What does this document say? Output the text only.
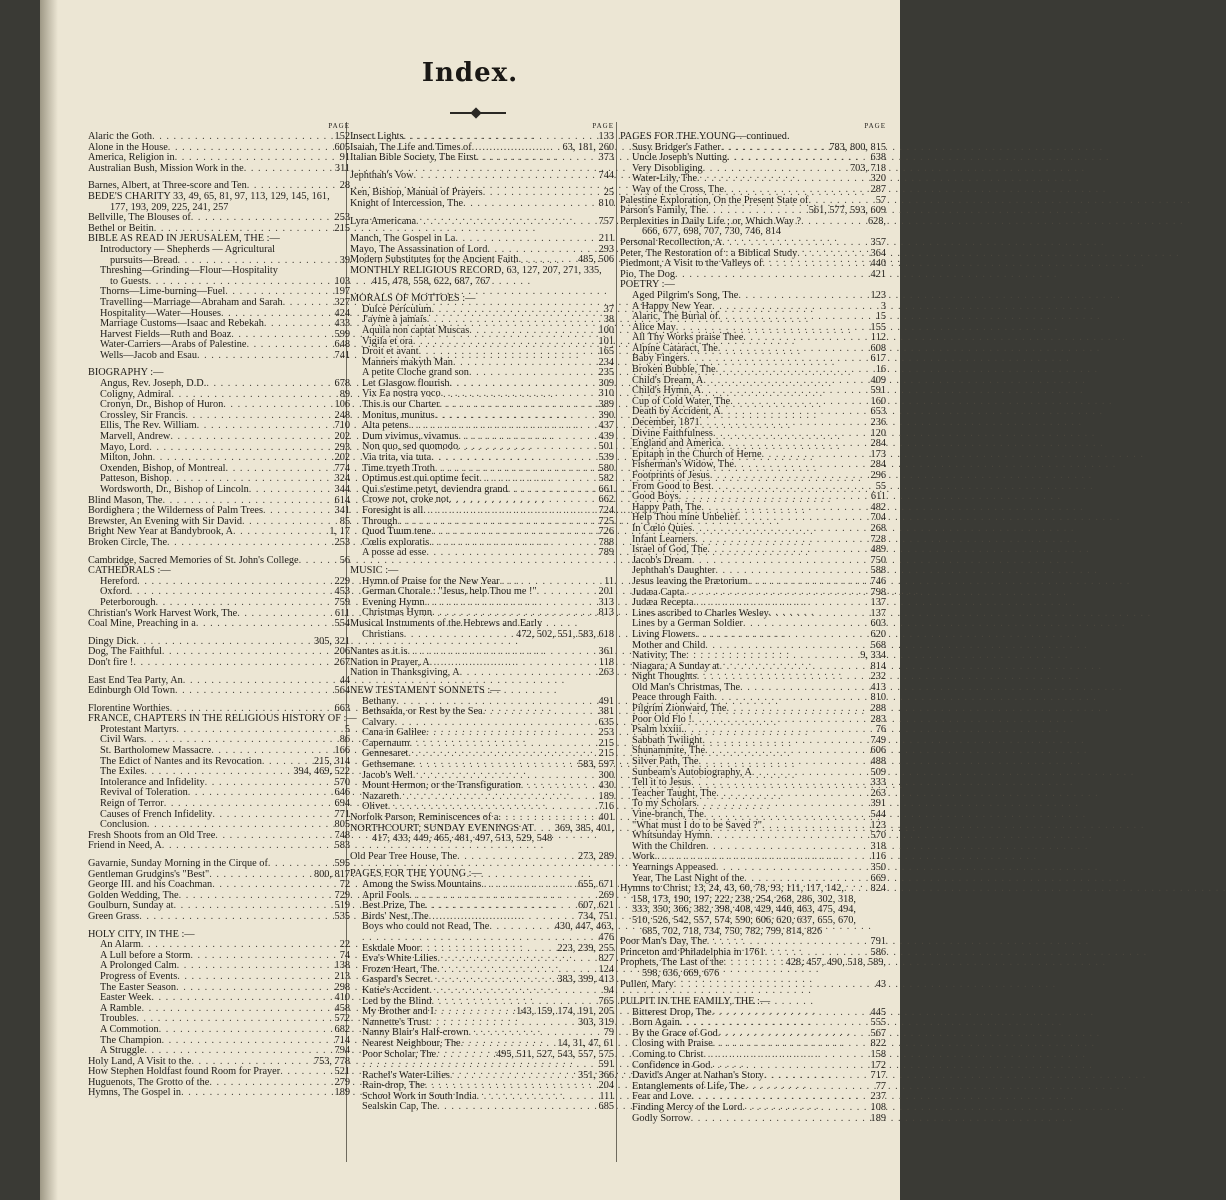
Index.
PAGE
Alaric the Goth . . .	152
Alone in the House . . .	605
America, Religion in . . .	91
Australian Bush, Mission Work in the . . .	311
Barnes, Albert, at Three-score and Ten . . .	28
BEDE'S CHARITY 33, 49, 65, 81, 97, 113, 129, 145, 161,
177, 193, 209, 225, 241, 257
Bellville, The Blouses of . . .	253
Bethel or Beitin . . .	215
BIBLE AS READ IN JERUSALEM, THE :—
Introductory — Shepherds — Agricultural
pursuits—Bread . . .	39
Threshing—Grinding—Flour—Hospitality
to Guests . . .	103
Thorns—Lime-burning—Fuel . . .	197
Travelling—Marriage—Abraham and Sarah . . .	327
Hospitality—Water—Houses . . .	424
Marriage Customs—Isaac and Rebekah . . .	433
Harvest Fields—Ruth and Boaz . . .	599
Water-Carriers—Arabs of Palestine . . .	648
Wells—Jacob and Esau . . .	741
BIOGRAPHY :—
Angus, Rev. Joseph, D.D. . . .	678
Coligny, Admiral . . .	89
Cronyn, Dr., Bishop of Huron . . .	106
Crossley, Sir Francis . . .	248
Ellis, The Rev. William . . .	710
Marvell, Andrew . . .	202
Mayo, Lord . . .	293
Milton, John . . .	202
Oxenden, Bishop, of Montreal . . .	774
Patteson, Bishop . . .	324
Wordsworth, Dr., Bishop of Lincoln . . .	344
Blind Mason, The . . .	614
Bordighera ; the Wilderness of Palm Trees . . .	341
Brewster, An Evening with Sir David . . .	85
Bright New Year at Bandybrook, A . . .	1, 17
Broken Circle, The . . .	253
Cambridge, Sacred Memories of St. John's College . . .	56
CATHEDRALS :—
Hereford . . .	229
Oxford . . .	453
Peterborough . . .	759
Christian's Work Harvest Work, The . . .	611
Coal Mine, Preaching in a . . .	554
Dingy Dick . . .	305, 321
Dog, The Faithful . . .	206
Don't fire ! . . .	267
East End Tea Party, An . . .	44
Edinburgh Old Town . . .	564
Florentine Worthies . . .	663
FRANCE, CHAPTERS IN THE RELIGIOUS HISTORY OF :—
Protestant Martyrs . . .	5
Civil Wars . . .	86
St. Bartholomew Massacre . . .	166
The Edict of Nantes and its Revocation . . .	215, 314
The Exiles . . .	394, 469, 522
Intolerance and Infidelity . . .	570
Revival of Toleration . . .	646
Reign of Terror . . .	694
Causes of French Infidelity . . .	771
Conclusion . . .	805
Fresh Shoots from an Old Tree . . .	748
Friend in Need, A . . .	583
Gavarnie, Sunday Morning in the Cirque of . . .	595
Gentleman Grudgins's "Best" . . .	800, 817
George III. and his Coachman . . .	72
Golden Wedding, The . . .	729
Goulburn, Sunday at . . .	519
Green Grass . . .	535
HOLY CITY, IN THE :—
An Alarm . . .	22
A Lull before a Storm . . .	74
A Prolonged Calm . . .	138
Progress of Events . . .	213
The Easter Season . . .	298
Easter Week . . .	410
A Ramble . . .	458
Troubles . . .	572
A Commotion . . .	682
The Champion . . .	714
A Struggle . . .	794
Holy Land, A Visit to the . . .	753, 778
How Stephen Holdfast found Room for Prayer . . .	521
Huguenots, The Grotto of the . . .	279
Hymns, The Gospel in . . .	189
PAGE
Insect Lights . . .	133
Isaiah, The Life and Times of . . .	63, 181, 260
Italian Bible Society, The First . . .	373
Jephthah's Vow . . .	744
Ken, Bishop, Manual of Prayers . . .	25
Knight of Intercession, The . . .	810
Lyra Americana . . .	757
Manch, The Gospel in La . . .	211
Mayo, The Assassination of Lord . . .	293
Modern Substitutes for the Ancient Faith . . .	485, 506
MONTHLY RELIGIOUS RECORD, 63, 127, 207, 271, 335,
415, 478, 558, 622, 687, 767
MORALS OF MOTTOES :—
Dulce Periculum . . .	37
J'ayme à jamais . . .	38
Aquila non captat Muscas . . .	100
Vigila et ora . . .	101
Droit et avant . . .	165
Manners makyth Man . . .	234
A petite Cloche grand son . . .	235
Let Glasgow flourish . . .	309
Vix Ea nostra voco . . .	310
This is our Charter . . .	389
Monitus, munitus . . .	390
Alta petens . . .	437
Dum vivimus, vivamus . . .	439
Non quo, sed quomodo . . .	501
Via trita, via tuta . . .	539
Time tryeth Troth . . .	580
Optimus est qui optime fecit . . .	582
Qui s'estime petyt, deviendra grand . . .	661
Crowe not, croke not . . .	662
Foresight is all . . .	724
Through . . .	725
Quod Tuum tene . . .	726
Cœlis exploratis . . .	788
A posse ad esse . . .	789
MUSIC :—
Hymn of Praise for the New Year . . .	11
German Chorale : "Jesus, help Thou me !" . . .	201
Evening Hymn . . .	313
Christmas Hymn . . .	813
Musical Instruments of the Hebrews and Early
Christians . . .	472, 502, 551, 583, 618
Nantes as it is . . .	361
Nation in Prayer, A . . .	118
Nation in Thanksgiving, A . . .	263
NEW TESTAMENT SONNETS :—
Bethany . . .	491
Bethsaida, or Rest by the Sea . . .	381
Calvary . . .	635
Cana in Galilee . . .	253
Capernaum . . .	215
Gennesaret . . .	215
Gethsemane . . .	583, 597
Jacob's Well . . .	300
Mount Hermon, or the Transfiguration . . .	430
Nazareth . . .	189
Olivet . . .	716
Norfolk Parson, Reminiscences of a . . .	401
NORTHCOURT, SUNDAY EVENINGS AT . . . 369, 385, 401,
417, 433, 449, 465, 481, 497, 513, 529, 548
Old Pear Tree House, The . . .	273, 289
PAGES FOR THE YOUNG :—
Among the Swiss Mountains . . .	655, 671
April Fools . . .	269
Best Prize, The . . .	607, 621
Birds' Nest, The . . .	734, 751
Boys who could not Read, The . . .	430, 447, 463,
. . .
476
Eskdale Moor . . .	223, 239, 255
Eva's White Lilies . . .	827
Frozen Heart, The . . .	124
Gaspard's Secret . . .	383, 399, 413
Katie's Accident . . .	94
Led by the Blind . . .	765
My Brother and I . . .	143, 159, 174, 191, 205
Nannette's Trust . . .	303, 319
Nanny Blair's Half-crown . . .	79
Nearest Neighbour, The . . .	14, 31, 47, 61
Poor Scholar, The . . .	495, 511, 527, 543, 557, 575
. . .
591
Rachel's Water-Lilies . . .	351, 366
Rain-drop, The . . .	204
School Work in South India . . .	111
Sealskin Cap, The . . .	685
PAGE
PAGES FOR THE YOUNG—continued.
Susy Bridger's Father . . .	783, 800, 815
Uncle Joseph's Nutting . . .	638
Very Disobliging . . .	703, 718
Water-Lily, The . . .	320
Way of the Cross, The . . .	287
Palestine Exploration, On the Present State of . . .	57
Parson's Family, The . . .	561, 577, 593, 609
Perplexities in Daily Life ; or, Which Way ? . . .	628,
666, 677, 698, 707, 730, 746, 814
Personal Recollection, A . . .	357
Peter, The Restoration of : a Biblical Study . . .	364
Piedmont, A Visit to the Valleys of . . .	440
Pio, The Dog . . .	421
POETRY :—
Aged Pilgrim's Song, The . . .	123
A Happy New Year . . .	3
Alaric, The Burial of . . .	15
Alice May . . .	155
All Thy Works praise Thee . . .	112
Alpine Cataract, The . . .	608
Baby Fingers . . .	617
Broken Bubble, The . . .	16
Child's Dream, A . . .	409
Child's Hymn, A . . .	591
Cup of Cold Water, The . . .	160
Death by Accident, A . . .	653
December, 1871 . . .	236
Divine Faithfulness . . .	120
England and America . . .	284
Epitaph in the Church of Herne . . .	173
Fisherman's Widow, The . . .	284
Footprints of Jesus . . .	296
From Good to Best . . .	55
Good Boys . . .	611
Happy Path, The . . .	482
Help Thou mine Unbelief . . .	704
In Cœlo Quies . . .	268
Infant Learners . . .	728
Israel of God, The . . .	489
Jacob's Dream . . .	750
Jephthah's Daughter . . .	588
Jesus leaving the Prætorium . . .	746
Judæa Capta . . .	798
Judæa Recepta . . .	137
Lines ascribed to Charles Wesley . . .	137
Lines by a German Soldier . . .	603
Living Flowers . . .	620
Mother and Child . . .	568
Nativity, The . . .	9, 334
Niagara, A Sunday at . . .	814
Night Thoughts . . .	232
Old Man's Christmas, The . . .	413
Peace through Faith . . .	810
Pilgrim Zionward, The . . .	288
Poor Old Flo ! . . .	283
Psalm lxxiii. . . .	76
Sabbath Twilight . . .	749
Shunammite, The . . .	606
Silver Path, The . . .	488
Sunbeam's Autobiography, A . . .	509
Tell it to Jesus . . .	333
Teacher Taught, The . . .	263
To my Scholars . . .	391
Vine-branch, The . . .	544
"What must I do to be Saved ?" . . .	123
Whitsunday Hymn . . .	570
With the Children . . .	318
Work . . .	116
Yearnings Appeased . . .	350
Year, The Last Night of the . . .	669
Hymns to Christ, 13, 24, 43, 60, 78, 93, 111, 117, 142, . . .	824
158, 173, 190, 197, 222, 238, 254, 268, 286, 302, 318,
333, 350, 366, 382, 398, 408, 429, 446, 463, 475, 494,
510, 526, 542, 557, 574, 590, 606, 620, 637, 655, 670,
685, 702, 718, 734, 750, 782, 799, 814, 826
Poor Man's Day, The . . .	791
Princeton and Philadelphia in 1761 . . .	586
Prophets, The Last of the . . .	428, 457, 490, 518, 589,
598, 636, 669, 676
Pullen, Mary . . .	43
PULPIT IN THE FAMILY, THE :—
Bitterest Drop, The . . .	445
Born Again . . .	555
By the Grace of God . . .	567
Closing with Praise . . .	822
Coming to Christ . . .	158
Confidence in God . . .	172
David's Anger at Nathan's Story . . .	717
Entanglements of Life, The . . .	77
Fear and Love . . .	237
Finding Mercy of the Lord . . .	108
Godly Sorrow . . .	189
